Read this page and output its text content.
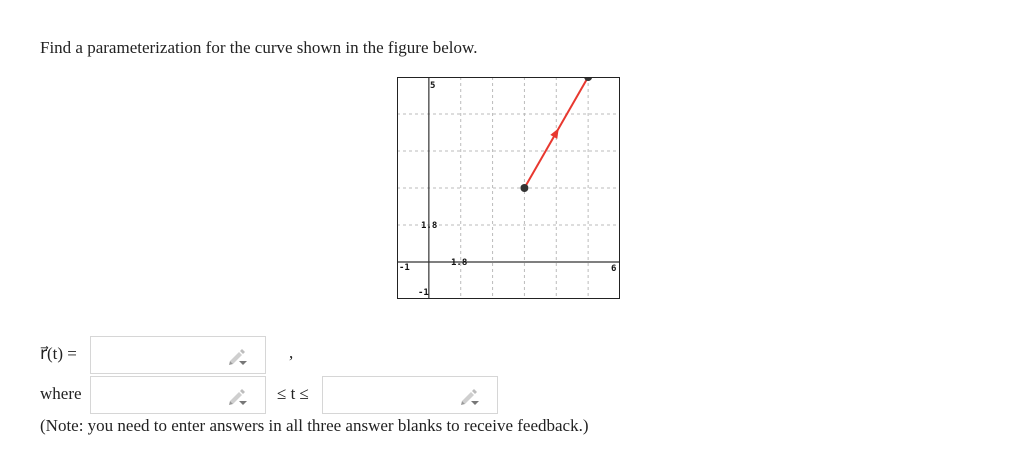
Find a parameterization for the curve shown in the figure below.
5
1.8
-1
-1	1.8
6
r⃗(t) =	,
where	≤ t ≤
(Note: you need to enter answers in all three answer blanks to receive feedback.)
